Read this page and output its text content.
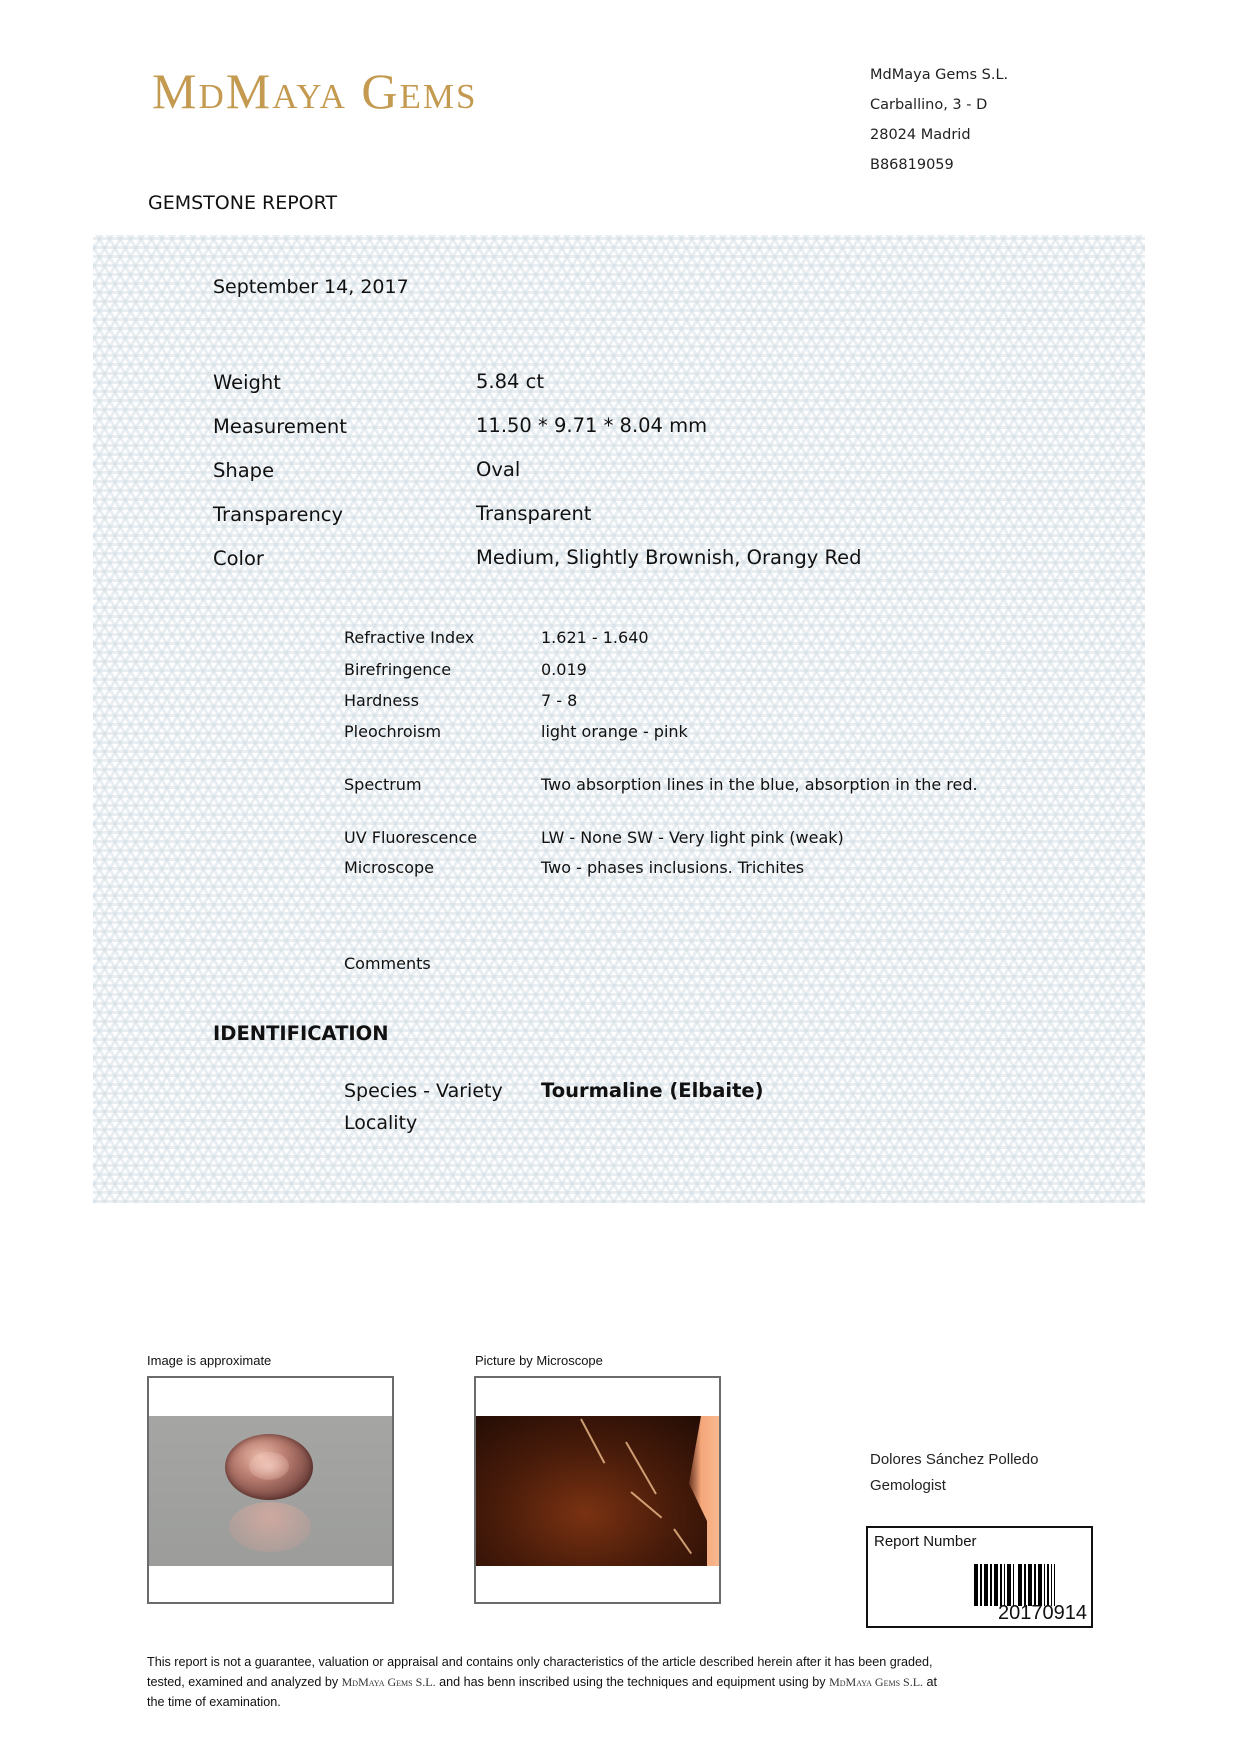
MdMaya Gems
GEMSTONE REPORT
MdMaya Gems S.L.
Carballino, 3 - D
28024 Madrid
B86819059
September 14, 2017
Weight	5.84 ct
Measurement	11.50 * 9.71 * 8.04 mm
Shape	Oval
Transparency	Transparent
Color	Medium, Slightly Brownish, Orangy Red
Refractive Index	1.621 - 1.640
Birefringence	0.019
Hardness	7 - 8
Pleochroism	light orange - pink
Spectrum	Two absorption lines in the blue, absorption in the red.
UV Fluorescence	LW - None SW - Very light pink (weak)
Microscope	Two - phases inclusions. Trichites
Comments
IDENTIFICATION
Species - Variety Tourmaline (Elbaite)
Locality
Image is approximate	Picture by Microscope
Dolores Sánchez Polledo
Gemologist
Report Number
20170914
This report is not a guarantee, valuation or appraisal and contains only characteristics of the article described herein after it has been graded,
tested, examined and analyzed by MdMaya Gems S.L. and has benn inscribed using the techniques and equipment using by MdMaya Gems S.L. at
the time of examination.
